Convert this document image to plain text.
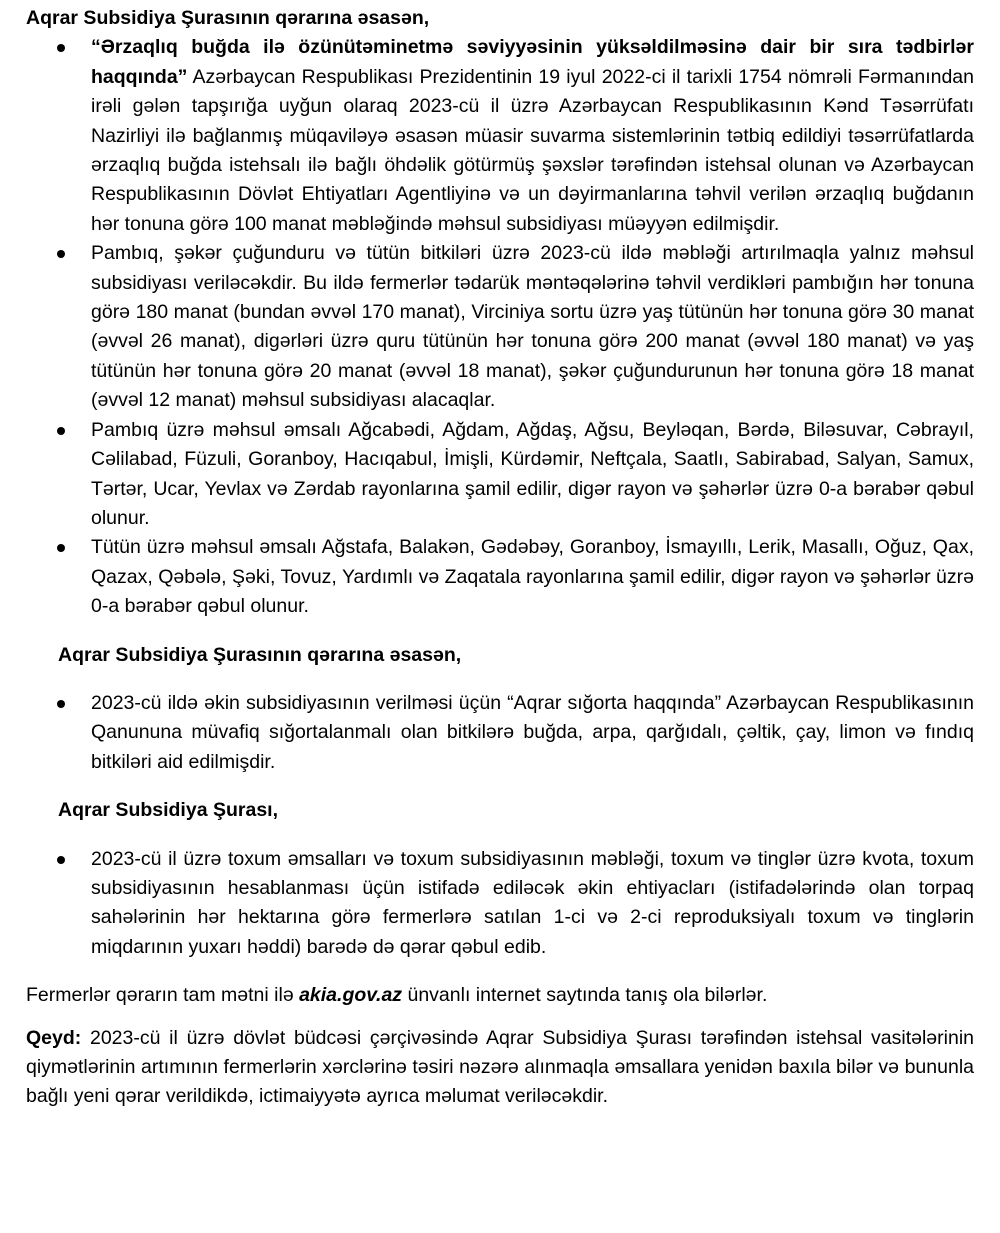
Aqrar Subsidiya Şurasının qərarına əsasən,

“Ərzaqlıq buğda ilə özünütəminetmə səviyyəsinin yüksəldilməsinə dair bir sıra tədbirlər haqqında” Azərbaycan Respublikası Prezidentinin 19 iyul 2022-ci il tarixli 1754 nömrəli Fərmanından irəli gələn tapşırığa uyğun olaraq 2023-cü il üzrə Azərbaycan Respublikasının Kənd Təsərrüfatı Nazirliyi ilə bağlanmış müqaviləyə əsasən müasir suvarma sistemlərinin tətbiq edildiyi təsərrüfatlarda ərzaqlıq buğda istehsalı ilə bağlı öhdəlik götürmüş şəxslər tərəfindən istehsal olunan və Azərbaycan Respublikasının Dövlət Ehtiyatları Agentliyinə və un dəyirmanlarına təhvil verilən ərzaqlıq buğdanın hər tonuna görə 100 manat məbləğində məhsul subsidiyası müəyyən edilmişdir.
Pambıq, şəkər çuğunduru və tütün bitkiləri üzrə 2023-cü ildə məbləği artırılmaqla yalnız məhsul subsidiyası veriləcəkdir. Bu ildə fermerlər tədarük məntəqələrinə təhvil verdikləri pambığın hər tonuna görə 180 manat (bundan əvvəl 170 manat), Virciniya sortu üzrə yaş tütünün hər tonuna görə 30 manat (əvvəl 26 manat), digərləri üzrə quru tütünün hər tonuna görə 200 manat (əvvəl 180 manat) və yaş tütünün hər tonuna görə 20 manat (əvvəl 18 manat), şəkər çuğundurunun hər tonuna görə 18 manat (əvvəl 12 manat) məhsul subsidiyası alacaqlar.
Pambıq üzrə məhsul əmsalı Ağcabədi, Ağdam, Ağdaş, Ağsu, Beyləqan, Bərdə, Biləsuvar, Cəbrayıl, Cəlilabad, Füzuli, Goranboy, Hacıqabul, İmişli, Kürdəmir, Neftçala, Saatlı, Sabirabad, Salyan, Samux, Tərtər, Ucar, Yevlax və Zərdab rayonlarına şamil edilir, digər rayon və şəhərlər üzrə 0-a bərabər qəbul olunur.
Tütün üzrə məhsul əmsalı Ağstafa, Balakən, Gədəbəy, Goranboy, İsmayıllı, Lerik, Masallı, Oğuz, Qax, Qazax, Qəbələ, Şəki, Tovuz, Yardımlı və Zaqatala rayonlarına şamil edilir, digər rayon və şəhərlər üzrə 0-a bərabər qəbul olunur.

Aqrar Subsidiya Şurasının qərarına əsasən,

2023-cü ildə əkin subsidiyasının verilməsi üçün “Aqrar sığorta haqqında” Azərbaycan Respublikasının Qanununa müvafiq sığortalanmalı olan bitkilərə buğda, arpa, qarğıdalı, çəltik, çay, limon və fındıq bitkiləri aid edilmişdir.

Aqrar Subsidiya Şurası,

2023-cü il üzrə toxum əmsalları və toxum subsidiyasının məbləği, toxum və tinglər üzrə kvota, toxum subsidiyasının hesablanması üçün istifadə ediləcək əkin ehtiyacları (istifadələrində olan torpaq sahələrinin hər hektarına görə fermerlərə satılan 1-ci və 2-ci reproduksiyalı toxum və tinglərin miqdarının yuxarı həddi) barədə də qərar qəbul edib.

Fermerlər qərarın tam mətni ilə akia.gov.az ünvanlı internet saytında tanış ola bilərlər.

Qeyd: 2023-cü il üzrə dövlət büdcəsi çərçivəsində Aqrar Subsidiya Şurası tərəfindən istehsal vasitələrinin qiymətlərinin artımının fermerlərin xərclərinə təsiri nəzərə alınmaqla əmsallara yenidən baxıla bilər və bununla bağlı yeni qərar verildikdə, ictimaiyyətə ayrıca məlumat veriləcəkdir.
